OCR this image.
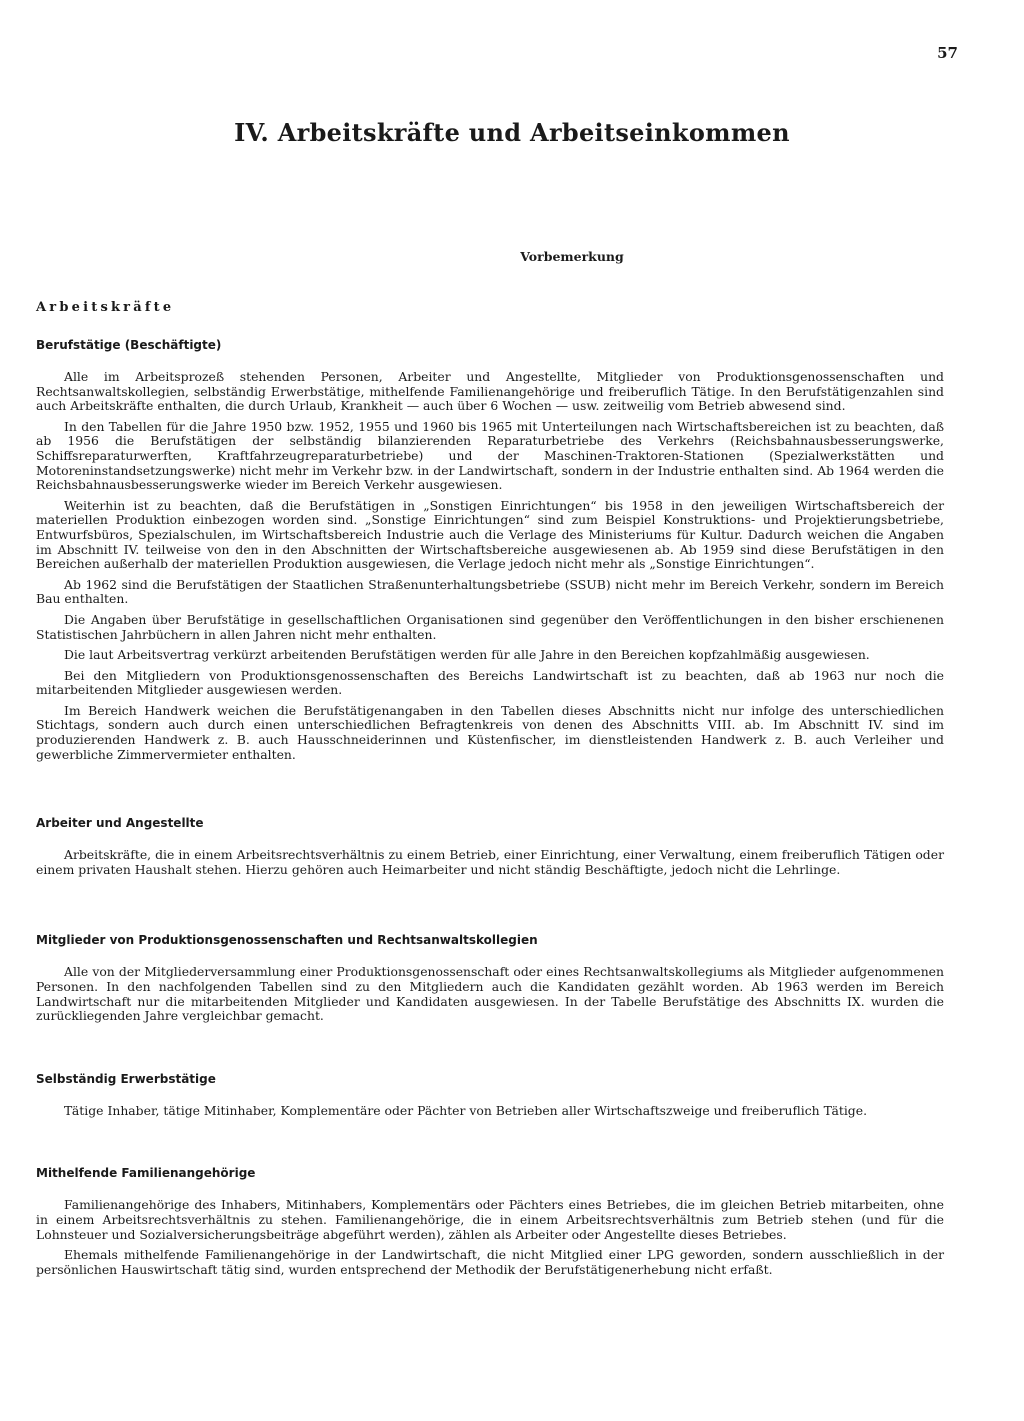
57
IV. Arbeitskräfte und Arbeitseinkommen
Vorbemerkung
Arbeitskräfte
Berufstätige (Beschäftigte)

Alle im Arbeitsprozeß stehenden Personen, Arbeiter und Angestellte, Mitglieder von Produktionsgenossenschaften und Rechtsanwaltskollegien, selbständig Erwerbstätige, mithelfende Familienangehörige und freiberuflich Tätige. In den Berufstätigenzahlen sind auch Arbeitskräfte enthalten, die durch Urlaub, Krankheit — auch über 6 Wochen — usw. zeitweilig vom Betrieb abwesend sind.

In den Tabellen für die Jahre 1950 bzw. 1952, 1955 und 1960 bis 1965 mit Unterteilungen nach Wirtschaftsbereichen ist zu beachten, daß ab 1956 die Berufstätigen der selbständig bilanzierenden Reparaturbetriebe des Verkehrs (Reichsbahnausbesserungswerke, Schiffsreparaturwerften, Kraftfahrzeugreparaturbetriebe) und der Maschinen-Traktoren-Stationen (Spezialwerkstätten und Motoreninstandsetzungswerke) nicht mehr im Verkehr bzw. in der Landwirtschaft, sondern in der Industrie enthalten sind. Ab 1964 werden die Reichsbahnausbesserungswerke wieder im Bereich Verkehr ausgewiesen.

Weiterhin ist zu beachten, daß die Berufstätigen in „Sonstigen Einrichtungen“ bis 1958 in den jeweiligen Wirtschaftsbereich der materiellen Produktion einbezogen worden sind. „Sonstige Einrichtungen“ sind zum Beispiel Konstruktions- und Projektierungsbetriebe, Entwurfsbüros, Spezialschulen, im Wirtschaftsbereich Industrie auch die Verlage des Ministeriums für Kultur. Dadurch weichen die Angaben im Abschnitt IV. teilweise von den in den Abschnitten der Wirtschaftsbereiche ausgewiesenen ab. Ab 1959 sind diese Berufstätigen in den Bereichen außerhalb der materiellen Produktion ausgewiesen, die Verlage jedoch nicht mehr als „Sonstige Einrichtungen“.

Ab 1962 sind die Berufstätigen der Staatlichen Straßenunterhaltungsbetriebe (SSUB) nicht mehr im Bereich Verkehr, sondern im Bereich Bau enthalten.

Die Angaben über Berufstätige in gesellschaftlichen Organisationen sind gegenüber den Veröffentlichungen in den bisher erschienenen Statistischen Jahrbüchern in allen Jahren nicht mehr enthalten.

Die laut Arbeitsvertrag verkürzt arbeitenden Berufstätigen werden für alle Jahre in den Bereichen kopfzahlmäßig ausgewiesen.

Bei den Mitgliedern von Produktionsgenossenschaften des Bereichs Landwirtschaft ist zu beachten, daß ab 1963 nur noch die mitarbeitenden Mitglieder ausgewiesen werden.

Im Bereich Handwerk weichen die Berufstätigenangaben in den Tabellen dieses Abschnitts nicht nur infolge des unterschiedlichen Stichtags, sondern auch durch einen unterschiedlichen Befragtenkreis von denen des Abschnitts VIII. ab. Im Abschnitt IV. sind im produzierenden Handwerk z. B. auch Hausschneiderinnen und Küstenfischer, im dienstleistenden Handwerk z. B. auch Verleiher und gewerbliche Zimmervermieter enthalten.

Arbeiter und Angestellte

Arbeitskräfte, die in einem Arbeitsrechtsverhältnis zu einem Betrieb, einer Einrichtung, einer Verwaltung, einem freiberuflich Tätigen oder einem privaten Haushalt stehen. Hierzu gehören auch Heimarbeiter und nicht ständig Beschäftigte, jedoch nicht die Lehrlinge.

Mitglieder von Produktionsgenossenschaften und Rechtsanwaltskollegien

Alle von der Mitgliederversammlung einer Produktionsgenossenschaft oder eines Rechtsanwaltskollegiums als Mitglieder aufgenommenen Personen. In den nachfolgenden Tabellen sind zu den Mitgliedern auch die Kandidaten gezählt worden. Ab 1963 werden im Bereich Landwirtschaft nur die mitarbeitenden Mitglieder und Kandidaten ausgewiesen. In der Tabelle Berufstätige des Abschnitts IX. wurden die zurückliegenden Jahre vergleichbar gemacht.

Selbständig Erwerbstätige

Tätige Inhaber, tätige Mitinhaber, Komplementäre oder Pächter von Betrieben aller Wirtschaftszweige und freiberuflich Tätige.

Mithelfende Familienangehörige

Familienangehörige des Inhabers, Mitinhabers, Komplementärs oder Pächters eines Betriebes, die im gleichen Betrieb mitarbeiten, ohne in einem Arbeitsrechtsverhältnis zu stehen. Familienangehörige, die in einem Arbeitsrechtsverhältnis zum Betrieb stehen (und für die Lohnsteuer und Sozialversicherungsbeiträge abgeführt werden), zählen als Arbeiter oder Angestellte dieses Betriebes.

Ehemals mithelfende Familienangehörige in der Landwirtschaft, die nicht Mitglied einer LPG geworden, sondern ausschließlich in der persönlichen Hauswirtschaft tätig sind, wurden entsprechend der Methodik der Berufstätigenerhebung nicht erfaßt.
